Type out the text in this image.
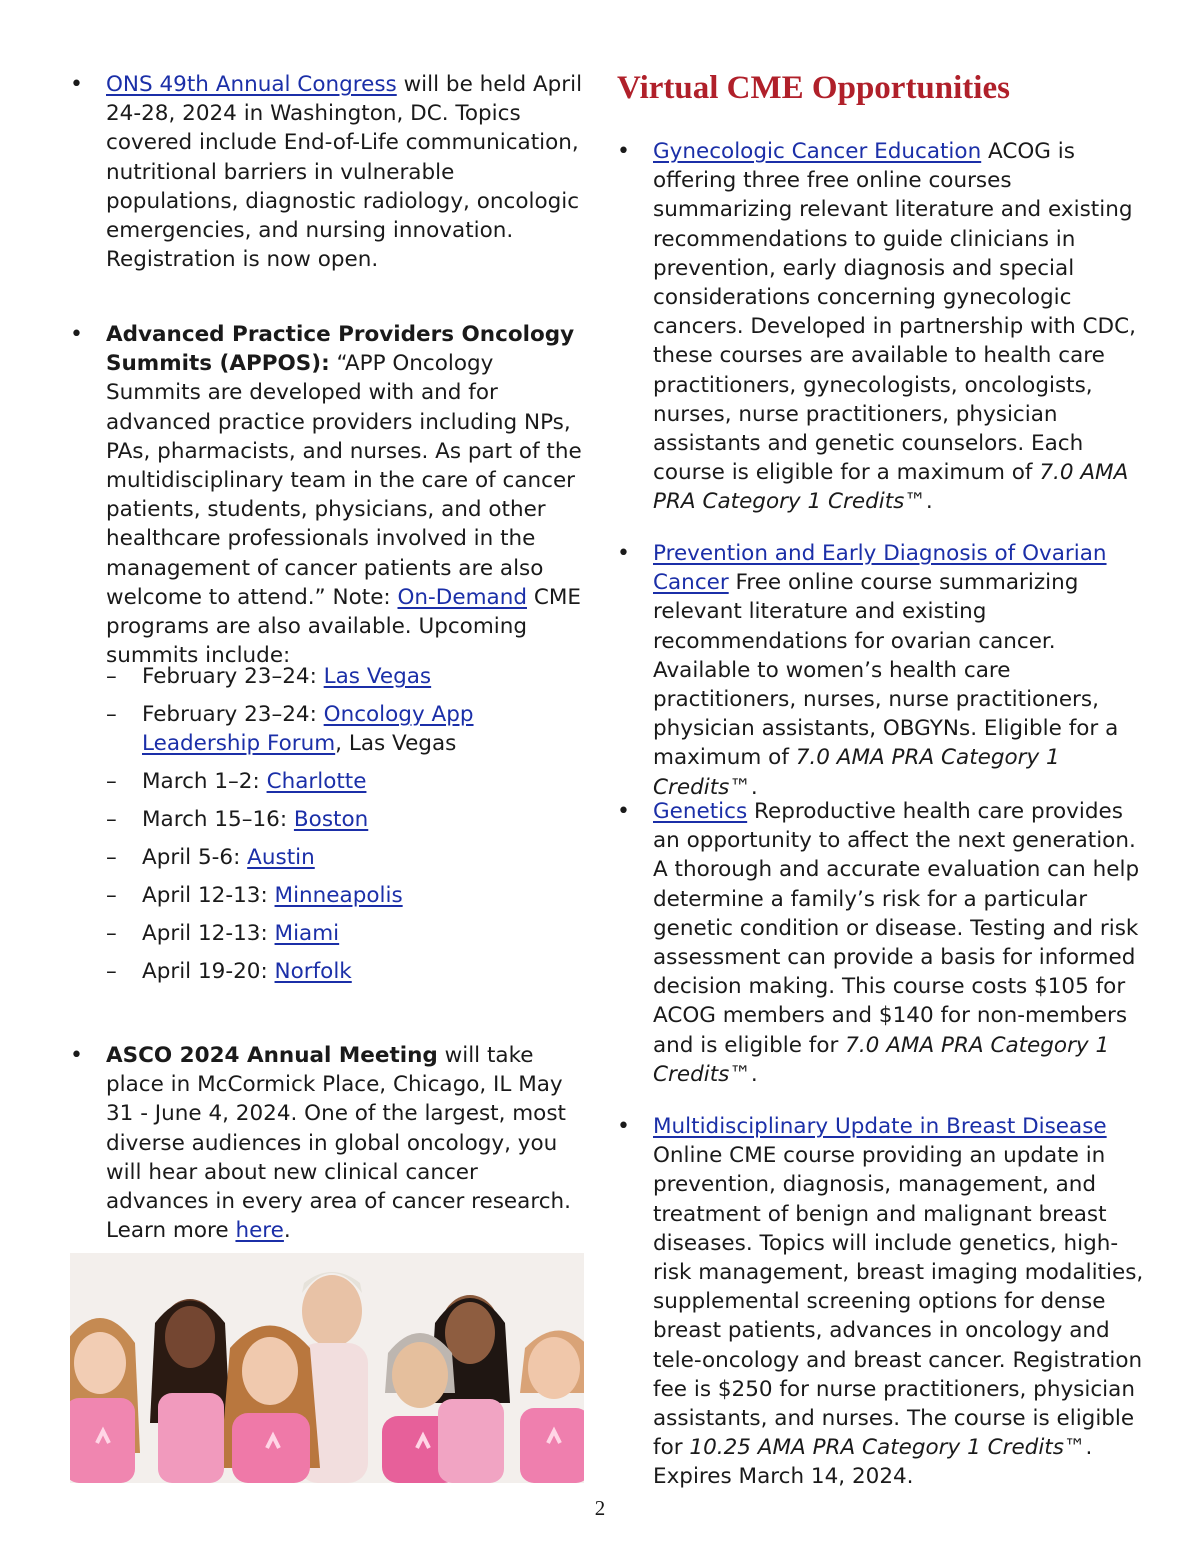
• ONS 49th Annual Congress will be held April 24-28, 2024 in Washington, DC. Topics covered include End-of-Life communication, nutritional barriers in vulnerable populations, diagnostic radiology, oncologic emergencies, and nursing innovation. Registration is now open.
• Advanced Practice Providers Oncology Summits (APPOS): “APP Oncology Summits are developed with and for advanced practice providers including NPs, PAs, pharmacists, and nurses. As part of the multidisciplinary team in the care of cancer patients, students, physicians, and other healthcare professionals involved in the management of cancer patients are also welcome to attend.” Note: On-Demand CME programs are also available. Upcoming summits include:
– February 23–24: Las Vegas
– February 23–24: Oncology App Leadership Forum, Las Vegas
– March 1–2: Charlotte
– March 15–16: Boston
– April 5-6: Austin
– April 12-13: Minneapolis
– April 12-13: Miami
– April 19-20: Norfolk
• ASCO 2024 Annual Meeting will take place in McCormick Place, Chicago, IL May 31 - June 4, 2024. One of the largest, most diverse audiences in global oncology, you will hear about new clinical cancer advances in every area of cancer research. Learn more here.
Virtual CME Opportunities
• Gynecologic Cancer Education ACOG is offering three free online courses summarizing relevant literature and existing recommendations to guide clinicians in prevention, early diagnosis and special considerations concerning gynecologic cancers. Developed in partnership with CDC, these courses are available to health care practitioners, gynecologists, oncologists, nurses, nurse practitioners, physician assistants and genetic counselors. Each course is eligible for a maximum of 7.0 AMA PRA Category 1 Credits™.
• Prevention and Early Diagnosis of Ovarian Cancer Free online course summarizing relevant literature and existing recommendations for ovarian cancer. Available to women’s health care practitioners, nurses, nurse practitioners, physician assistants, OBGYNs. Eligible for a maximum of 7.0 AMA PRA Category 1 Credits™.
• Genetics Reproductive health care provides an opportunity to affect the next generation. A thorough and accurate evaluation can help determine a family’s risk for a particular genetic condition or disease. Testing and risk assessment can provide a basis for informed decision making. This course costs $105 for ACOG members and $140 for non-members and is eligible for 7.0 AMA PRA Category 1 Credits™.
• Multidisciplinary Update in Breast Disease Online CME course providing an update in prevention, diagnosis, management, and treatment of benign and malignant breast diseases. Topics will include genetics, high-risk management, breast imaging modalities, supplemental screening options for dense breast patients, advances in oncology and tele-oncology and breast cancer. Registration fee is $250 for nurse practitioners, physician assistants, and nurses. The course is eligible for 10.25 AMA PRA Category 1 Credits™. Expires March 14, 2024.
2
